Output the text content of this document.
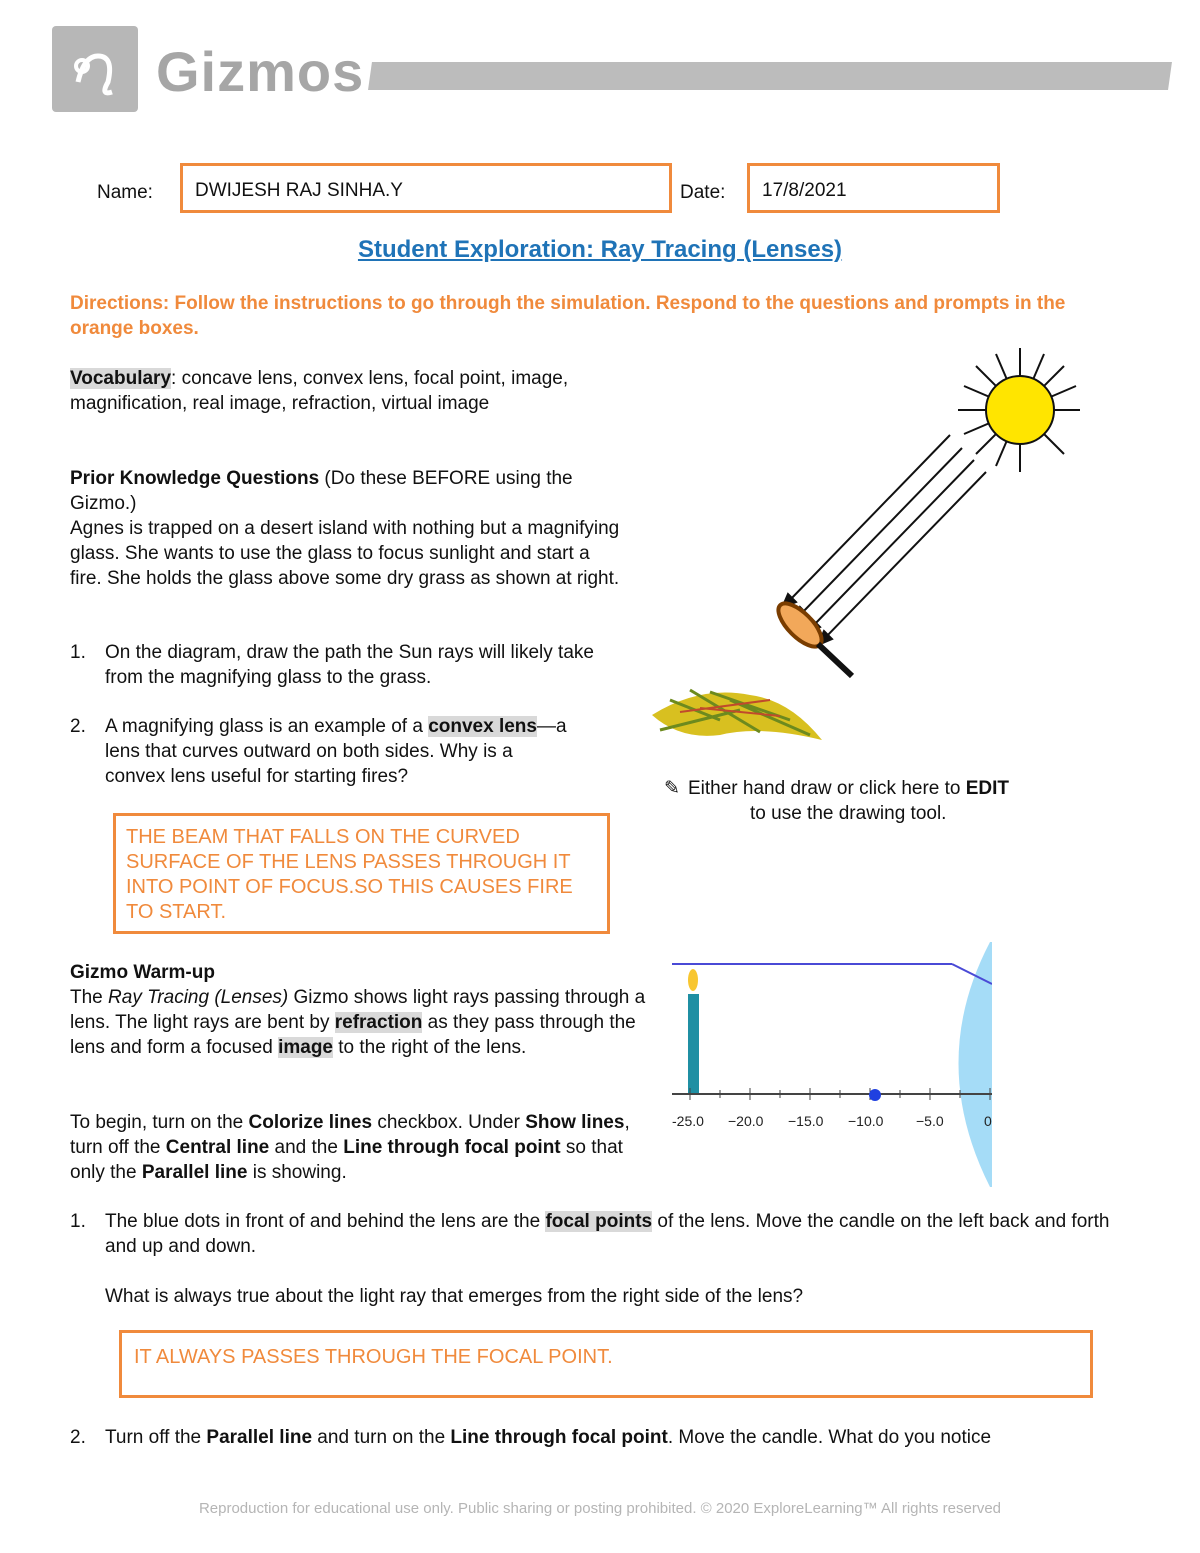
Gizmos
Name: DWIJESH RAJ SINHA.Y	Date: 17/8/2021
Student Exploration: Ray Tracing (Lenses)
Directions: Follow the instructions to go through the simulation. Respond to the questions and prompts in the orange boxes.
Vocabulary: concave lens, convex lens, focal point, image, magnification, real image, refraction, virtual image
Prior Knowledge Questions (Do these BEFORE using the Gizmo.)
Agnes is trapped on a desert island with nothing but a magnifying glass. She wants to use the glass to focus sunlight and start a fire. She holds the glass above some dry grass as shown at right.
1. On the diagram, draw the path the Sun rays will likely take from the magnifying glass to the grass.
2. A magnifying glass is an example of a convex lens—a lens that curves outward on both sides. Why is a convex lens useful for starting fires?
THE BEAM THAT FALLS ON THE CURVED SURFACE OF THE LENS PASSES THROUGH IT INTO POINT OF FOCUS.SO THIS CAUSES FIRE TO START.
✎ Either hand draw or click here to EDIT
to use the drawing tool.
Gizmo Warm-up
The Ray Tracing (Lenses) Gizmo shows light rays passing through a lens. The light rays are bent by refraction as they pass through the lens and form a focused image to the right of the lens.
To begin, turn on the Colorize lines checkbox. Under Show lines, turn off the Central line and the Line through focal point so that only the Parallel line is showing.
-25.0 −20.0 −15.0 −10.0 −5.0	0
1. The blue dots in front of and behind the lens are the focal points of the lens. Move the candle on the left back and forth and up and down.
What is always true about the light ray that emerges from the right side of the lens?
IT ALWAYS PASSES THROUGH THE FOCAL POINT.
2. Turn off the Parallel line and turn on the Line through focal point. Move the candle. What do you notice
Reproduction for educational use only. Public sharing or posting prohibited. © 2020 ExploreLearning™ All rights reserved
